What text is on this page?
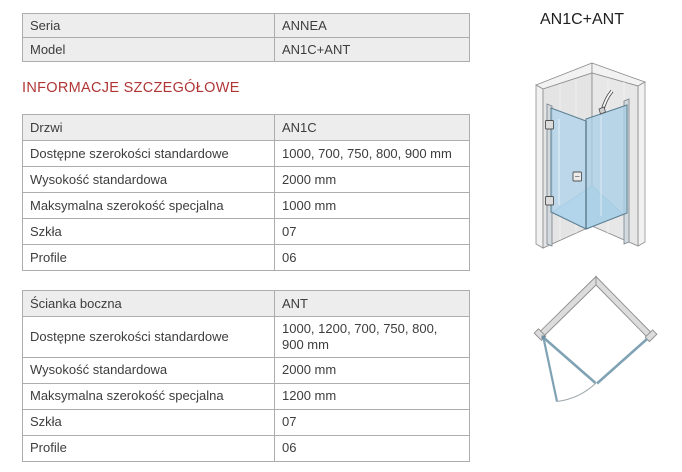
Seria	ANNEA
Model	AN1C+ANT
INFORMACJE SZCZEGÓŁOWE
Drzwi	AN1C
Dostępne szerokości standardowe	1000, 700, 750, 800, 900 mm
Wysokość standardowa	2000 mm
Maksymalna szerokość specjalna	1000 mm
Szkła	07
Profile	06
Ścianka boczna	ANT
Dostępne szerokości standardowe	1000, 1200, 700, 750, 800, 900 mm
Wysokość standardowa	2000 mm
Maksymalna szerokość specjalna	1200 mm
Szkła	07
Profile	06
AN1C+ANT
